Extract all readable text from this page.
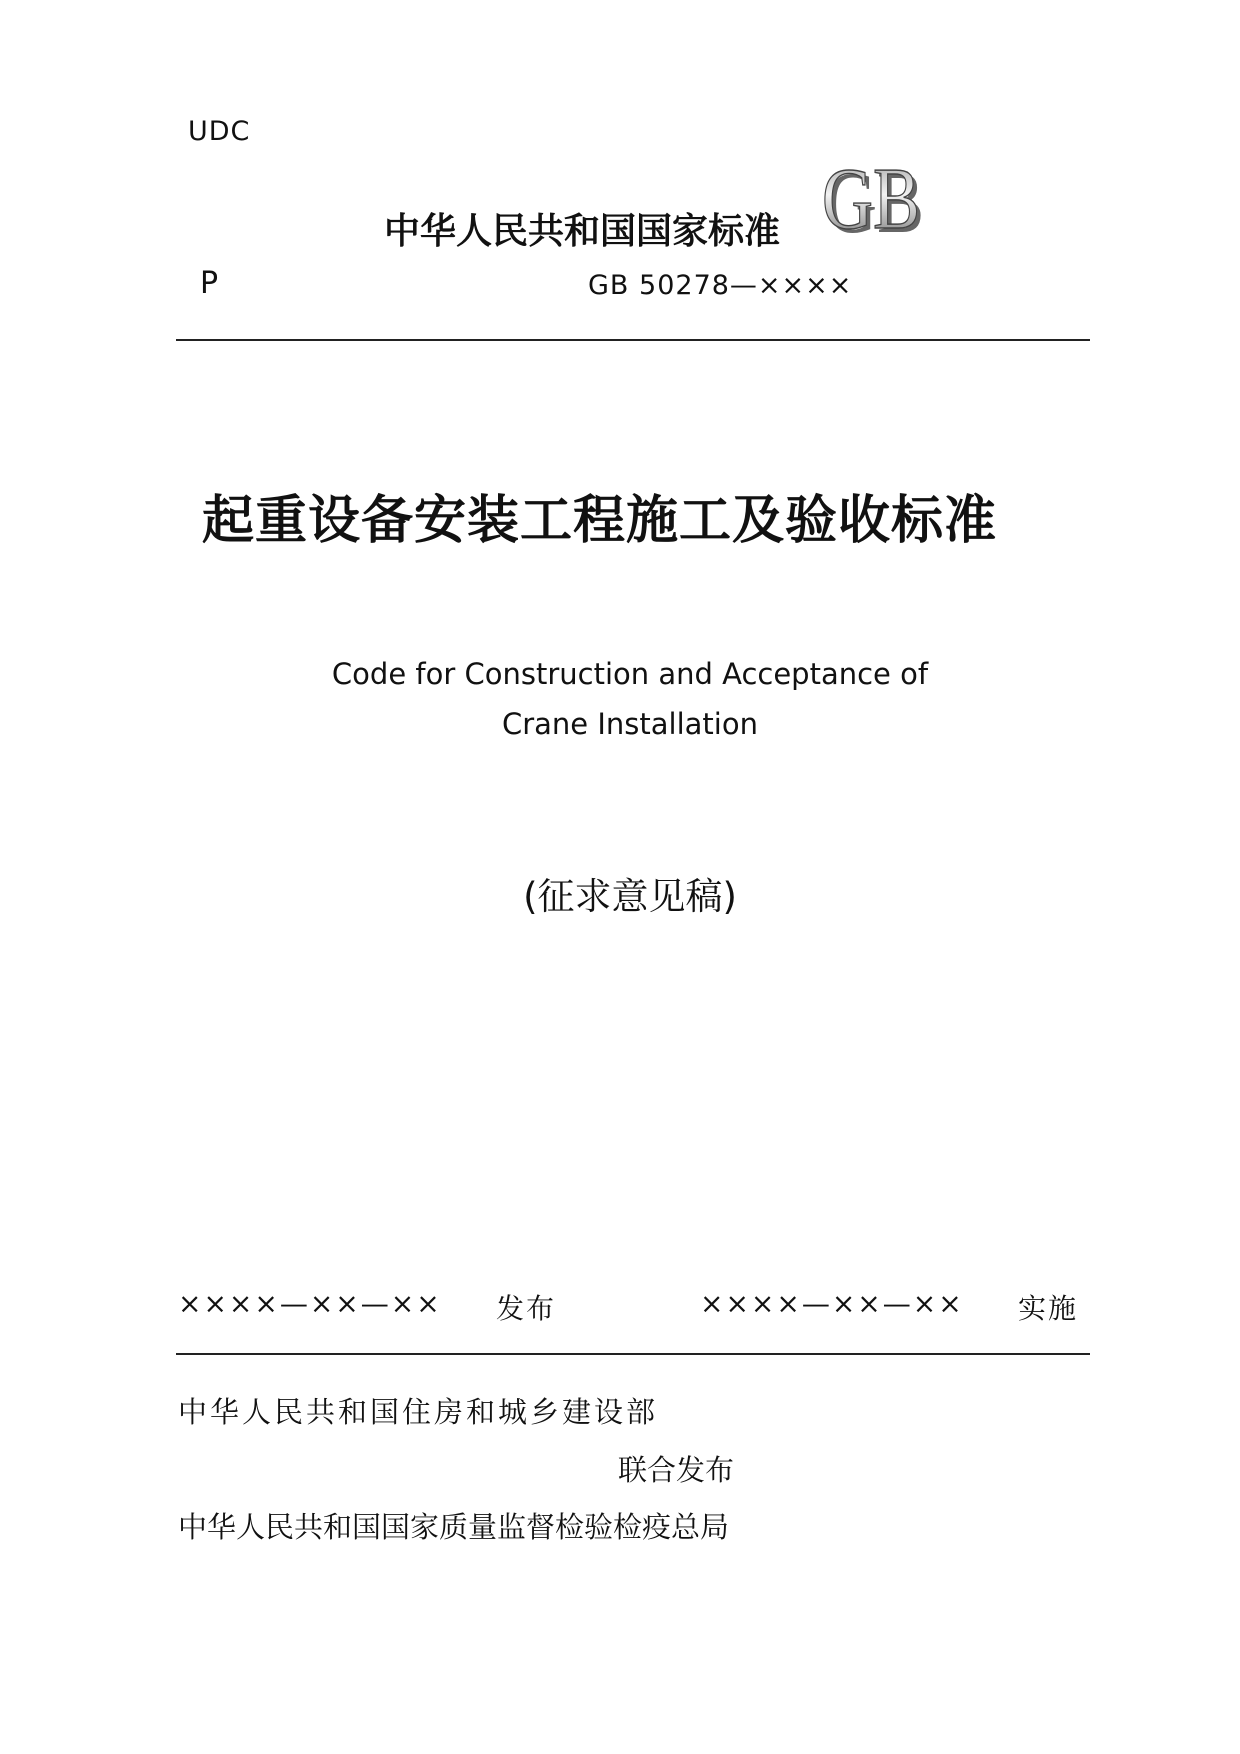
UDC
中华人民共和国国家标准 GB
GB
P	GB 50278—××××
起重设备安装工程施工及验收标准
Code for Construction and Acceptance of
Crane Installation
(征求意见稿)
××××—××—×× 发布	××××—××—×× 实施
中华人民共和国住房和城乡建设部
联合发布
中华人民共和国国家质量监督检验检疫总局
